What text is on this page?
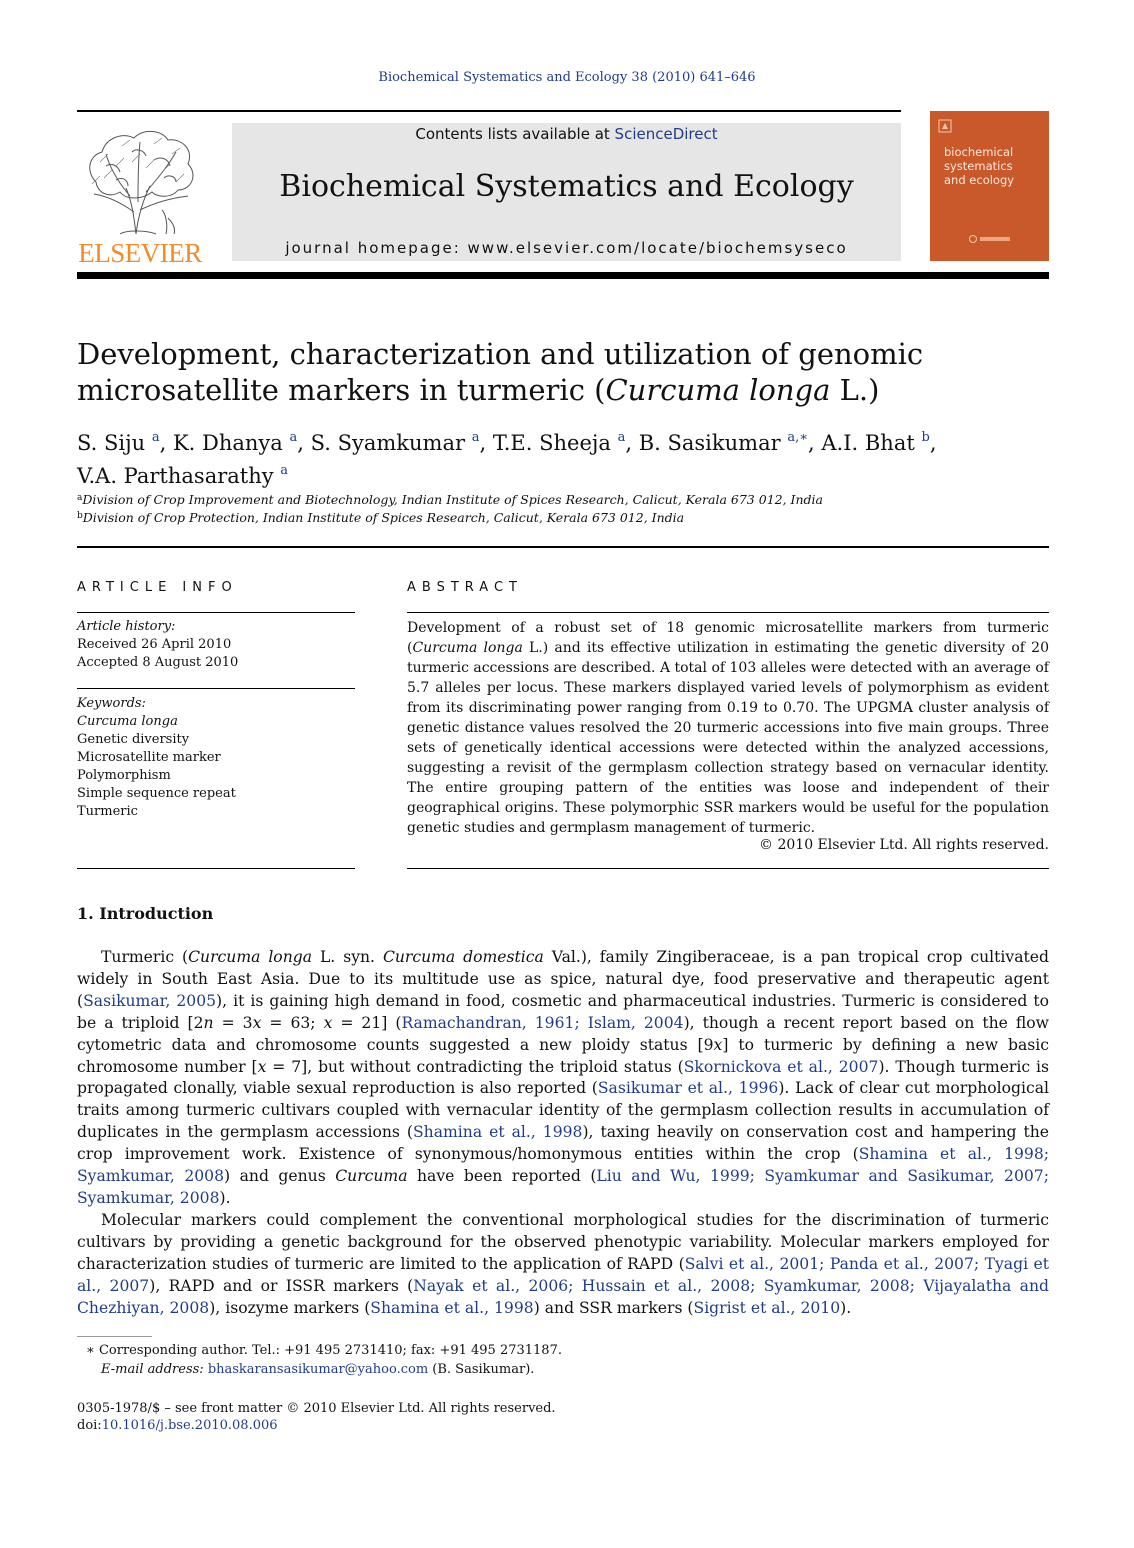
Biochemical Systematics and Ecology 38 (2010) 641–646
ELSEVIER
Contents lists available at ScienceDirect
Biochemical Systematics and Ecology
journal homepage: www.elsevier.com/locate/biochemsyseco
biochemical
systematics
and ecology
Development, characterization and utilization of genomic microsatellite markers in turmeric (Curcuma longa L.)
S. Siju $^a$, K. Dhanya $^a$, S. Syamkumar $^a$, T.E. Sheeja $^a$, B. Sasikumar $^{a,∗}$, A.I. Bhat $^b$,
V.A. Parthasarathy $^a$
$^a$Division of Crop Improvement and Biotechnology, Indian Institute of Spices Research, Calicut, Kerala 673 012, India
$^b$Division of Crop Protection, Indian Institute of Spices Research, Calicut, Kerala 673 012, India
ARTICLE INFO
Article history:
Received 26 April 2010
Accepted 8 August 2010
Keywords:
Curcuma longa
Genetic diversity
Microsatellite marker
Polymorphism
Simple sequence repeat
Turmeric
ABSTRACT
Development of a robust set of 18 genomic microsatellite markers from turmeric (Curcuma longa L.) and its effective utilization in estimating the genetic diversity of 20 turmeric accessions are described. A total of 103 alleles were detected with an average of 5.7 alleles per locus. These markers displayed varied levels of polymorphism as evident from its discriminating power ranging from 0.19 to 0.70. The UPGMA cluster analysis of genetic distance values resolved the 20 turmeric accessions into five main groups. Three sets of genetically identical accessions were detected within the analyzed accessions, suggesting a revisit of the germplasm collection strategy based on vernacular identity. The entire grouping pattern of the entities was loose and independent of their geographical origins. These polymorphic SSR markers would be useful for the population genetic studies and germplasm management of turmeric.
© 2010 Elsevier Ltd. All rights reserved.
1. Introduction

Turmeric (Curcuma longa L. syn. Curcuma domestica Val.), family Zingiberaceae, is a pan tropical crop cultivated widely in South East Asia. Due to its multitude use as spice, natural dye, food preservative and therapeutic agent (Sasikumar, 2005), it is gaining high demand in food, cosmetic and pharmaceutical industries. Turmeric is considered to be a triploid [2n = 3x = 63; x = 21] (Ramachandran, 1961; Islam, 2004), though a recent report based on the flow cytometric data and chromosome counts suggested a new ploidy status [9x] to turmeric by defining a new basic chromosome number [x = 7], but without contradicting the triploid status (Skornickova et al., 2007). Though turmeric is propagated clonally, viable sexual reproduction is also reported (Sasikumar et al., 1996). Lack of clear cut morphological traits among turmeric cultivars coupled with vernacular identity of the germplasm collection results in accumulation of duplicates in the germplasm accessions (Shamina et al., 1998), taxing heavily on conservation cost and hampering the crop improvement work. Existence of synonymous/homonymous entities within the crop (Shamina et al., 1998; Syamkumar, 2008) and genus Curcuma have been reported (Liu and Wu, 1999; Syamkumar and Sasikumar, 2007; Syamkumar, 2008).

Molecular markers could complement the conventional morphological studies for the discrimination of turmeric cultivars by providing a genetic background for the observed phenotypic variability. Molecular markers employed for characterization studies of turmeric are limited to the application of RAPD (Salvi et al., 2001; Panda et al., 2007; Tyagi et al., 2007), RAPD and or ISSR markers (Nayak et al., 2006; Hussain et al., 2008; Syamkumar, 2008; Vijayalatha and Chezhiyan, 2008), isozyme markers (Shamina et al., 1998) and SSR markers (Sigrist et al., 2010).

∗ Corresponding author. Tel.: +91 495 2731410; fax: +91 495 2731187.
E-mail address: bhaskaransasikumar@yahoo.com (B. Sasikumar).
0305-1978/$ – see front matter © 2010 Elsevier Ltd. All rights reserved.
doi:10.1016/j.bse.2010.08.006
